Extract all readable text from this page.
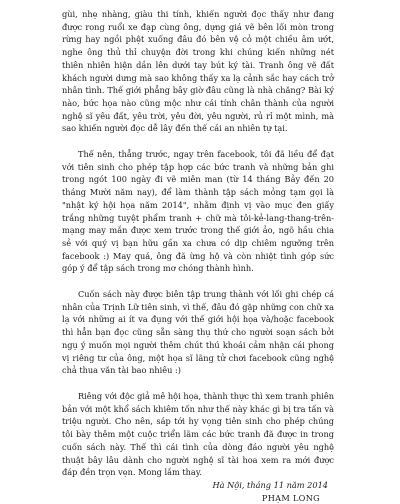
gùi, nhẹ nhàng, giàu thi tính, khiến người đọc thấy như đang được rong ruổi xe đạp cùng ông, dựng giá vẽ bên lối mòn trong rừng hay ngồi phệt xuống đâu đó bên vệ cỏ một chiều âm ướt, nghe ông thủ thỉ chuyện đời trong khi chúng kiến những nét thiên nhiên hiện dần lên dưới tay bút ký tài. Tranh ông vẽ đất khách người dưng mà sao không thấy xa lạ cảnh sắc hay cách trở nhân tình. Thế giới phẳng bây giờ đâu cũng là nhà chăng? Bài ký nào, bức họa nào cũng mộc như cái tính chân thành của người nghệ sĩ yêu đất, yêu trời, yêu đời, yêu người, rủ rỉ một mình, mà sao khiến người đọc dễ lây đến thế cái an nhiên tự tại.

Thế nên, thẳng trước, ngay trên facebook, tôi đã liều để đạt với tiên sinh cho phép tập hợp các bức tranh và những bản ghi trong ngót 100 ngày đi vẽ miên man (từ 14 tháng Bảy đến 20 tháng Mười năm nay), để làm thành tập sách mỏng tạm gọi là "nhật ký hội họa năm 2014", nhằm định vị vào mục đen giấy trắng những tuyệt phẩm tranh + chữ mà tôi-kẻ-lang-thang-trên-mạng may mắn được xem trước trong thế giới ảo, ngõ hầu chia sẻ với quý vị bạn hữu gần xa chưa có dịp chiêm ngưỡng trên facebook :) May quá, ông đã ừng hộ và còn nhiệt tình góp sức góp ý để tập sách trong mơ chóng thành hình.

Cuốn sách này được biên tập trung thành với lối ghi chép cá nhân của Trịnh Lữ tiên sinh, vì thế, đâu đó gặp những con chữ xa lạ với những ai ít va đụng với thế giới hội họa và/hoặc facebook thì hẳn bạn đọc cũng sẵn sàng thụ thứ cho người soạn sách bởi ngụ ý muốn mọi người thêm chút thú khoái cảm nhận cái phong vị riêng tư của ông, một họa sĩ lãng tử chơi facebook cũng nghệ chả thua văn tài bao nhiêu :)

Riêng với độc giả mê hội họa, thành thực thì xem tranh phiên bản với một khổ sách khiêm tốn như thế này khác gì bị tra tấn và triệu người. Cho nên, sáp tới hy vọng tiên sinh cho phép chúng tôi bày thêm một cuộc triển lãm các bức tranh đã được in trong cuốn sách này. Thế thì cái tình của dòng đáo người yêu nghệ thuật bây lâu dành cho người nghệ sĩ tài hoa xem ra mới được đáp đền trọn vẹn. Mong lắm thay.

Hà Nội, tháng 11 năm 2014

PHẠM LONG
